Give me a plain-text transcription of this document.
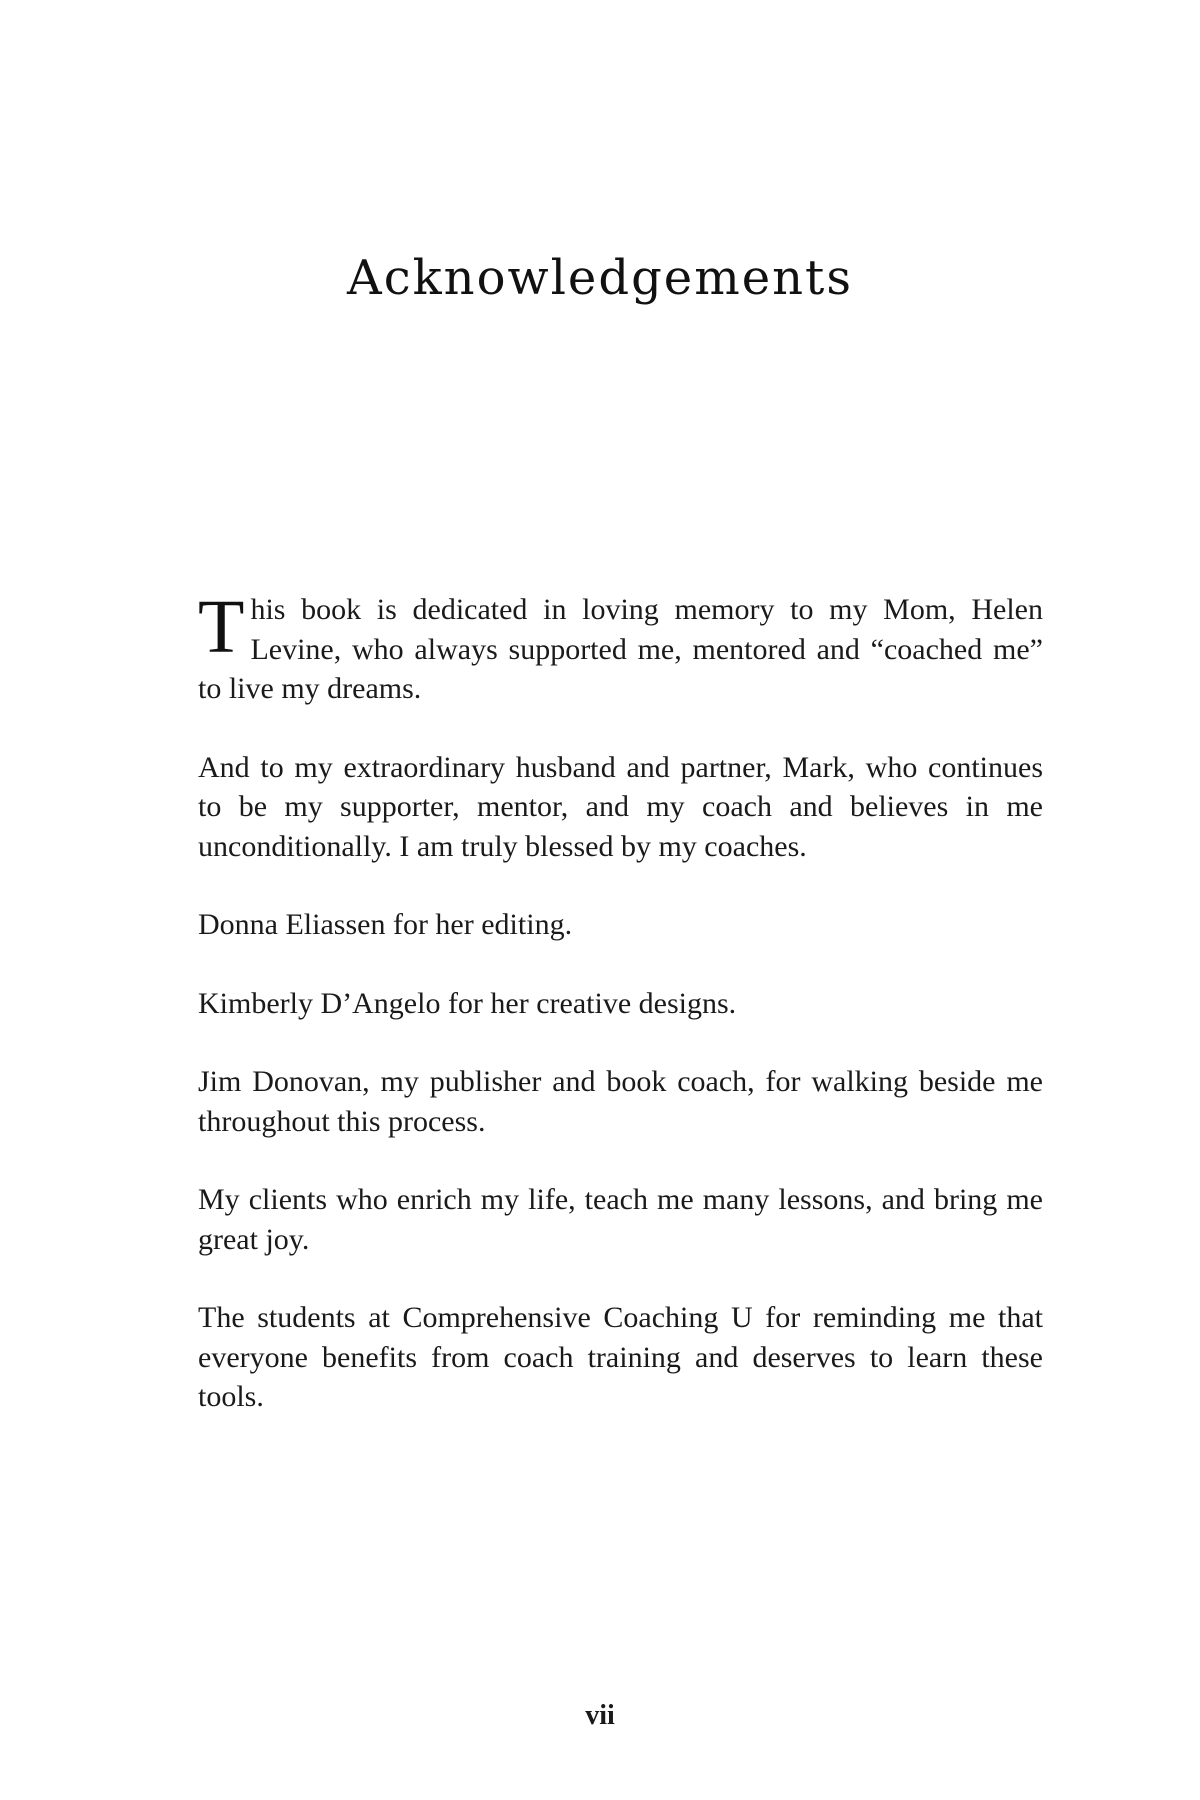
Acknowledgements

This book is dedicated in loving memory to my Mom, Helen Levine, who always supported me, mentored and “coached me” to live my dreams.

And to my extraordinary husband and partner, Mark, who continues to be my supporter, mentor, and my coach and believes in me unconditionally. I am truly blessed by my coaches.

Donna Eliassen for her editing.

Kimberly D’Angelo for her creative designs.

Jim Donovan, my publisher and book coach, for walking beside me throughout this process.

My clients who enrich my life, teach me many lessons, and bring me great joy.

The students at Comprehensive Coaching U for reminding me that everyone benefits from coach training and deserves to learn these tools.

vii
